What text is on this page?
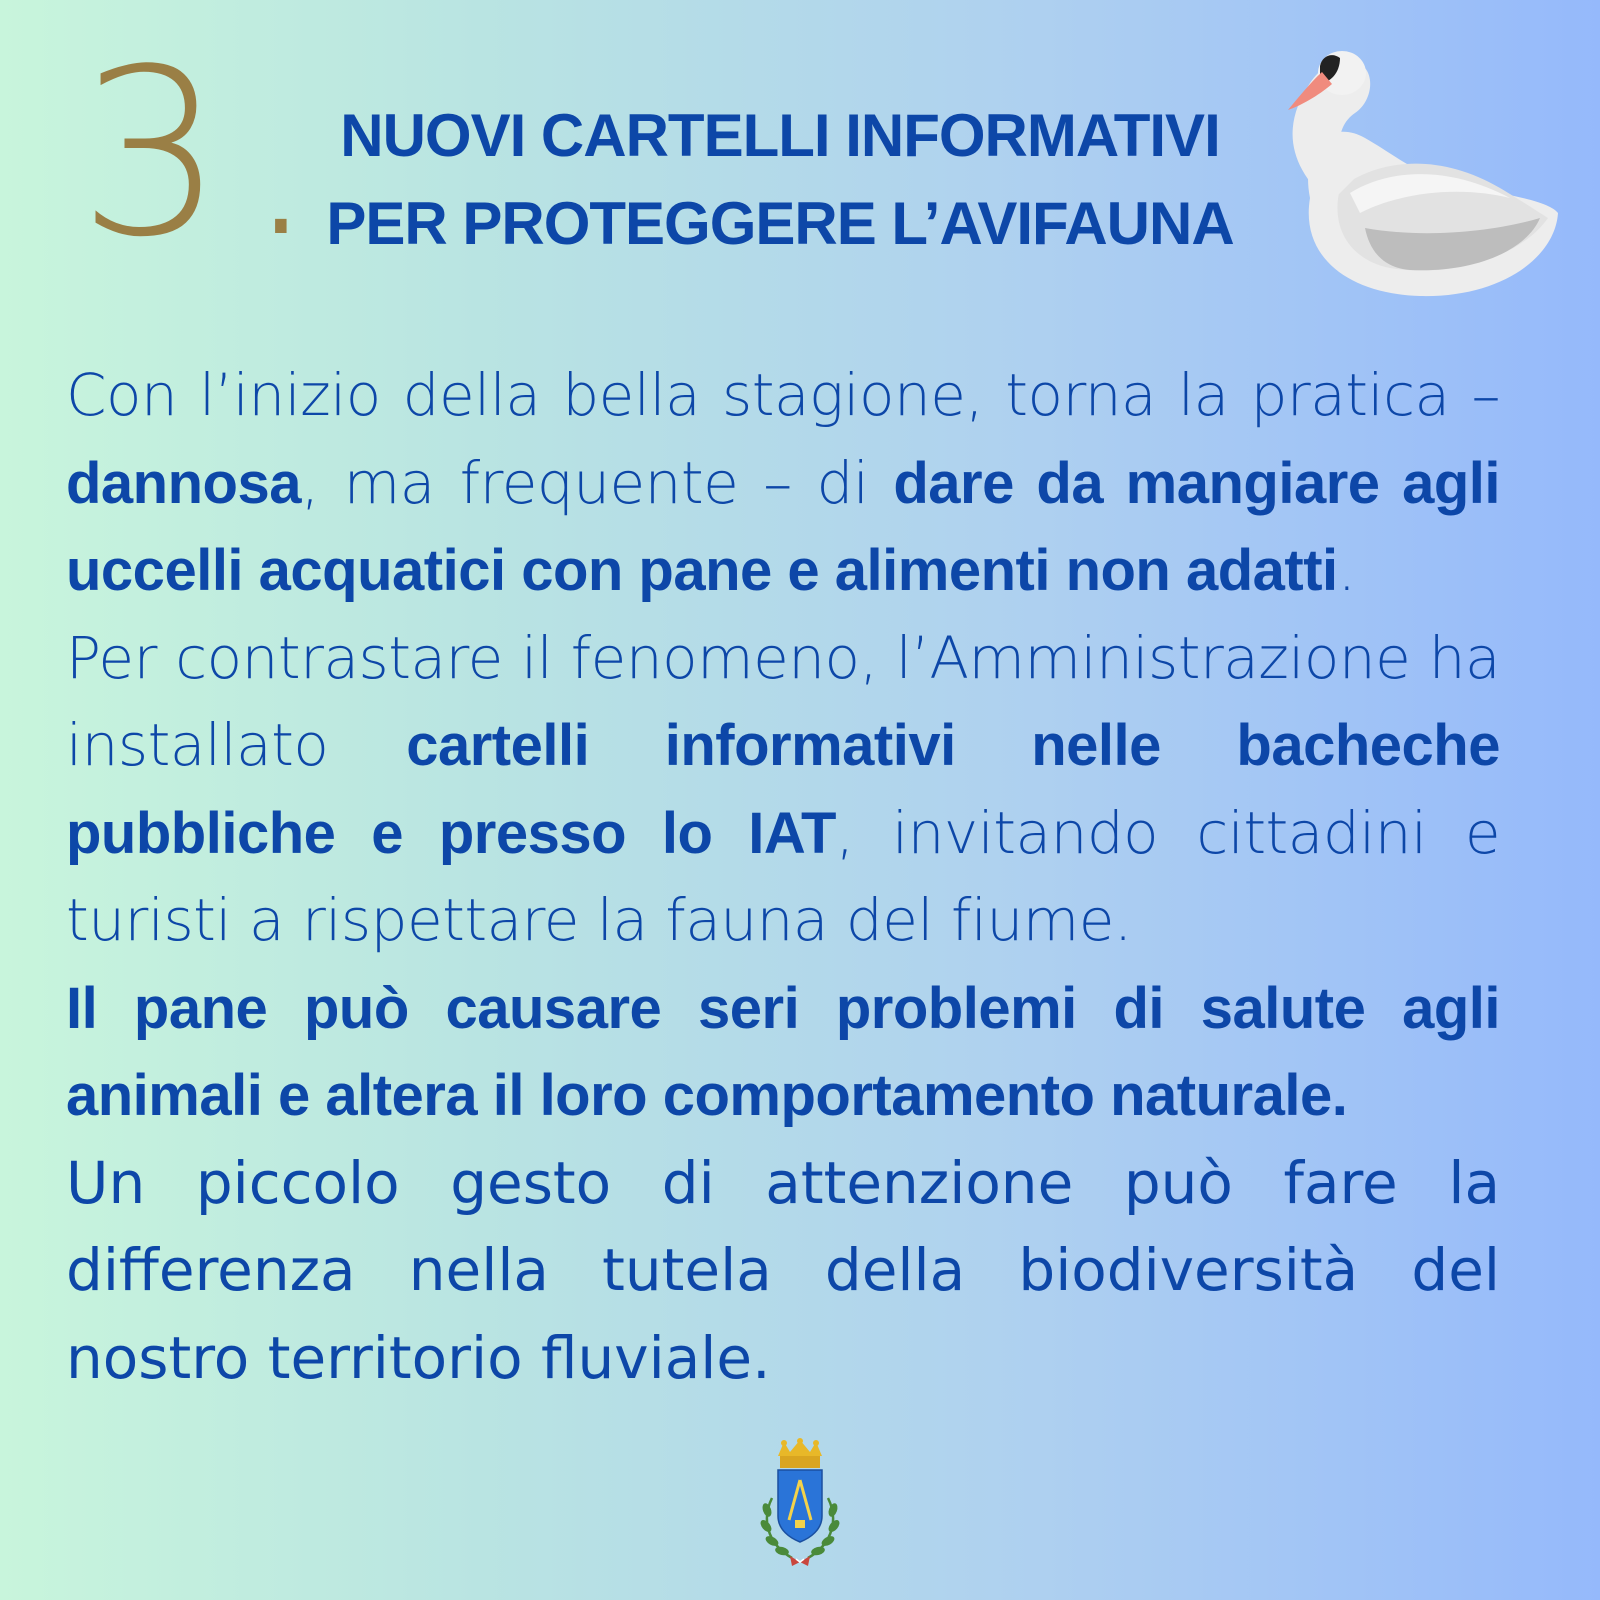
3. NUOVI CARTELLI INFORMATIVI
PER PROTEGGERE L’AVIFAUNA

Con l’inizio della bella stagione, torna la pratica – dannosa, ma frequente – di dare da mangiare agli uccelli acquatici con pane e alimenti non adatti.

Per contrastare il fenomeno, l’Amministrazione ha installato cartelli informativi nelle bacheche pubbliche e presso lo IAT, invitando cittadini e turisti a rispettare la fauna del fiume.

Il pane può causare seri problemi di salute agli animali e altera il loro comportamento naturale.

Un piccolo gesto di attenzione può fare la differenza nella tutela della biodiversità del nostro territorio fluviale.
